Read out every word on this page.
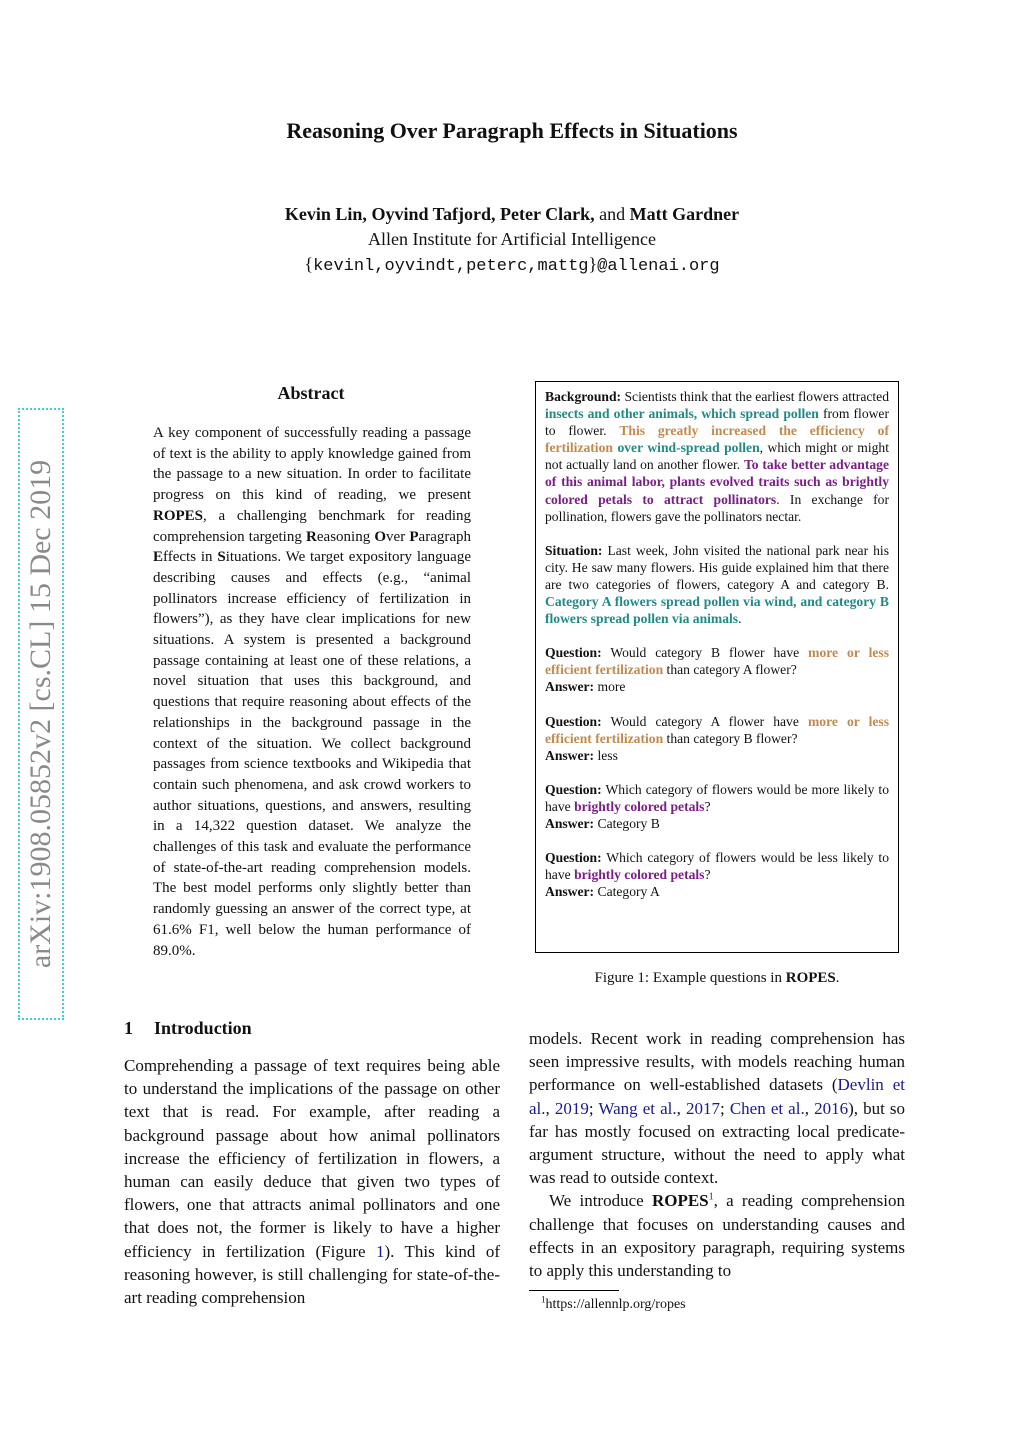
Reasoning Over Paragraph Effects in Situations
Kevin Lin, Oyvind Tafjord, Peter Clark, and Matt Gardner
Allen Institute for Artificial Intelligence
{kevinl,oyvindt,peterc,mattg}@allenai.org
arXiv:1908.05852v2 [cs.CL] 15 Dec 2019
Abstract
A key component of successfully reading a passage of text is the ability to apply knowledge gained from the passage to a new situation. In order to facilitate progress on this kind of reading, we present ROPES, a challenging benchmark for reading comprehension targeting Reasoning Over Paragraph Effects in Situations. We target expository language describing causes and effects (e.g., “animal pollinators increase efficiency of fertilization in flowers”), as they have clear implications for new situations. A system is presented a background passage containing at least one of these relations, a novel situation that uses this background, and questions that require reasoning about effects of the relationships in the background passage in the context of the situation. We collect background passages from science textbooks and Wikipedia that contain such phenomena, and ask crowd workers to author situations, questions, and answers, resulting in a 14,322 question dataset. We analyze the challenges of this task and evaluate the performance of state-of-the-art reading comprehension models. The best model performs only slightly better than randomly guessing an answer of the correct type, at 61.6% F1, well below the human performance of 89.0%.

Background: Scientists think that the earliest flowers attracted insects and other animals, which spread pollen from flower to flower. This greatly increased the efficiency of fertilization over wind-spread pollen, which might or might not actually land on another flower. To take better advantage of this animal labor, plants evolved traits such as brightly colored petals to attract pollinators. In exchange for pollination, flowers gave the pollinators nectar.

Situation: Last week, John visited the national park near his city. He saw many flowers. His guide explained him that there are two categories of flowers, category A and category B. Category A flowers spread pollen via wind, and category B flowers spread pollen via animals.

Question: Would category B flower have more or less efficient fertilization than category A flower?
Answer: more
Question: Would category A flower have more or less efficient fertilization than category B flower?
Answer: less
Question: Which category of flowers would be more likely to have brightly colored petals?
Answer: Category B
Question: Which category of flowers would be less likely to have brightly colored petals?
Answer: Category A
Figure 1: Example questions in ROPES.
1 Introduction
Comprehending a passage of text requires being able to understand the implications of the passage on other text that is read. For example, after reading a background passage about how animal pollinators increase the efficiency of fertilization in flowers, a human can easily deduce that given two types of flowers, one that attracts animal pollinators and one that does not, the former is likely to have a higher efficiency in fertilization (Figure 1). This kind of reasoning however, is still challenging for state-of-the-art reading comprehension

models. Recent work in reading comprehension has seen impressive results, with models reaching human performance on well-established datasets (Devlin et al., 2019; Wang et al., 2017; Chen et al., 2016), but so far has mostly focused on extracting local predicate-argument structure, without the need to apply what was read to outside context.

We introduce ROPES$^1$, a reading comprehension challenge that focuses on understanding causes and effects in an expository paragraph, requiring systems to apply this understanding to

$^1$https://allennlp.org/ropes
